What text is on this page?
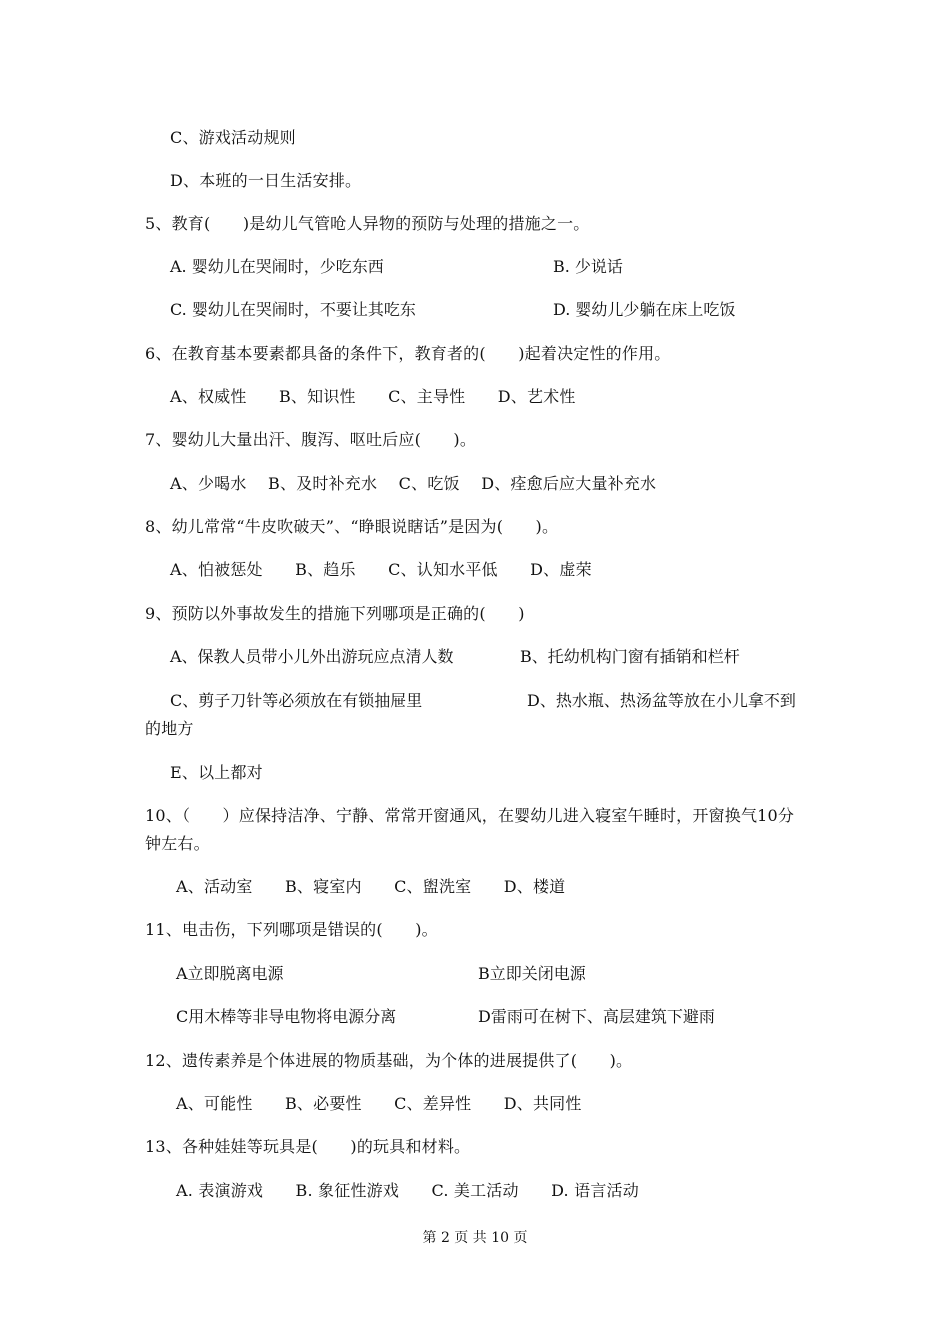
C、游戏活动规则
D、本班的一日生活安排。
5、教育(　　)是幼儿气管呛人异物的预防与处理的措施之一。
A. 婴幼儿在哭闹时，少吃东西	B. 少说话
C. 婴幼儿在哭闹时，不要让其吃东	D. 婴幼儿少躺在床上吃饭
6、在教育基本要素都具备的条件下，教育者的(　　)起着决定性的作用。
A、权威性　　B、知识性　　C、主导性　　D、艺术性
7、婴幼儿大量出汗、腹泻、呕吐后应(　　)。
A、少喝水　 B、及时补充水　 C、吃饭　 D、痊愈后应大量补充水
8、幼儿常常“牛皮吹破天”、“睁眼说瞎话”是因为(　　)。
A、怕被惩处　　B、趋乐　　C、认知水平低　　D、虚荣
9、预防以外事故发生的措施下列哪项是正确的(　　)
A、保教人员带小儿外出游玩应点清人数	B、托幼机构门窗有插销和栏杆
C、剪子刀针等必须放在有锁抽屉里	D、热水瓶、热汤盆等放在小儿拿不到
的地方
E、以上都对
10、（　　）应保持洁净、宁静、常常开窗通风，在婴幼儿进入寝室午睡时，开窗换气10分
钟左右。
A、活动室　　B、寝室内　　C、盥洗室　　D、楼道
11、电击伤，下列哪项是错误的(　　)。
A立即脱离电源	B立即关闭电源
C用木棒等非导电物将电源分离	D雷雨可在树下、高层建筑下避雨
12、遗传素养是个体进展的物质基础，为个体的进展提供了(　　)。
A、可能性　　B、必要性　　C、差异性　　D、共同性
13、各种娃娃等玩具是(　　)的玩具和材料。
A. 表演游戏　　B. 象征性游戏　　C. 美工活动　　D. 语言活动
第 2 页 共 10 页
